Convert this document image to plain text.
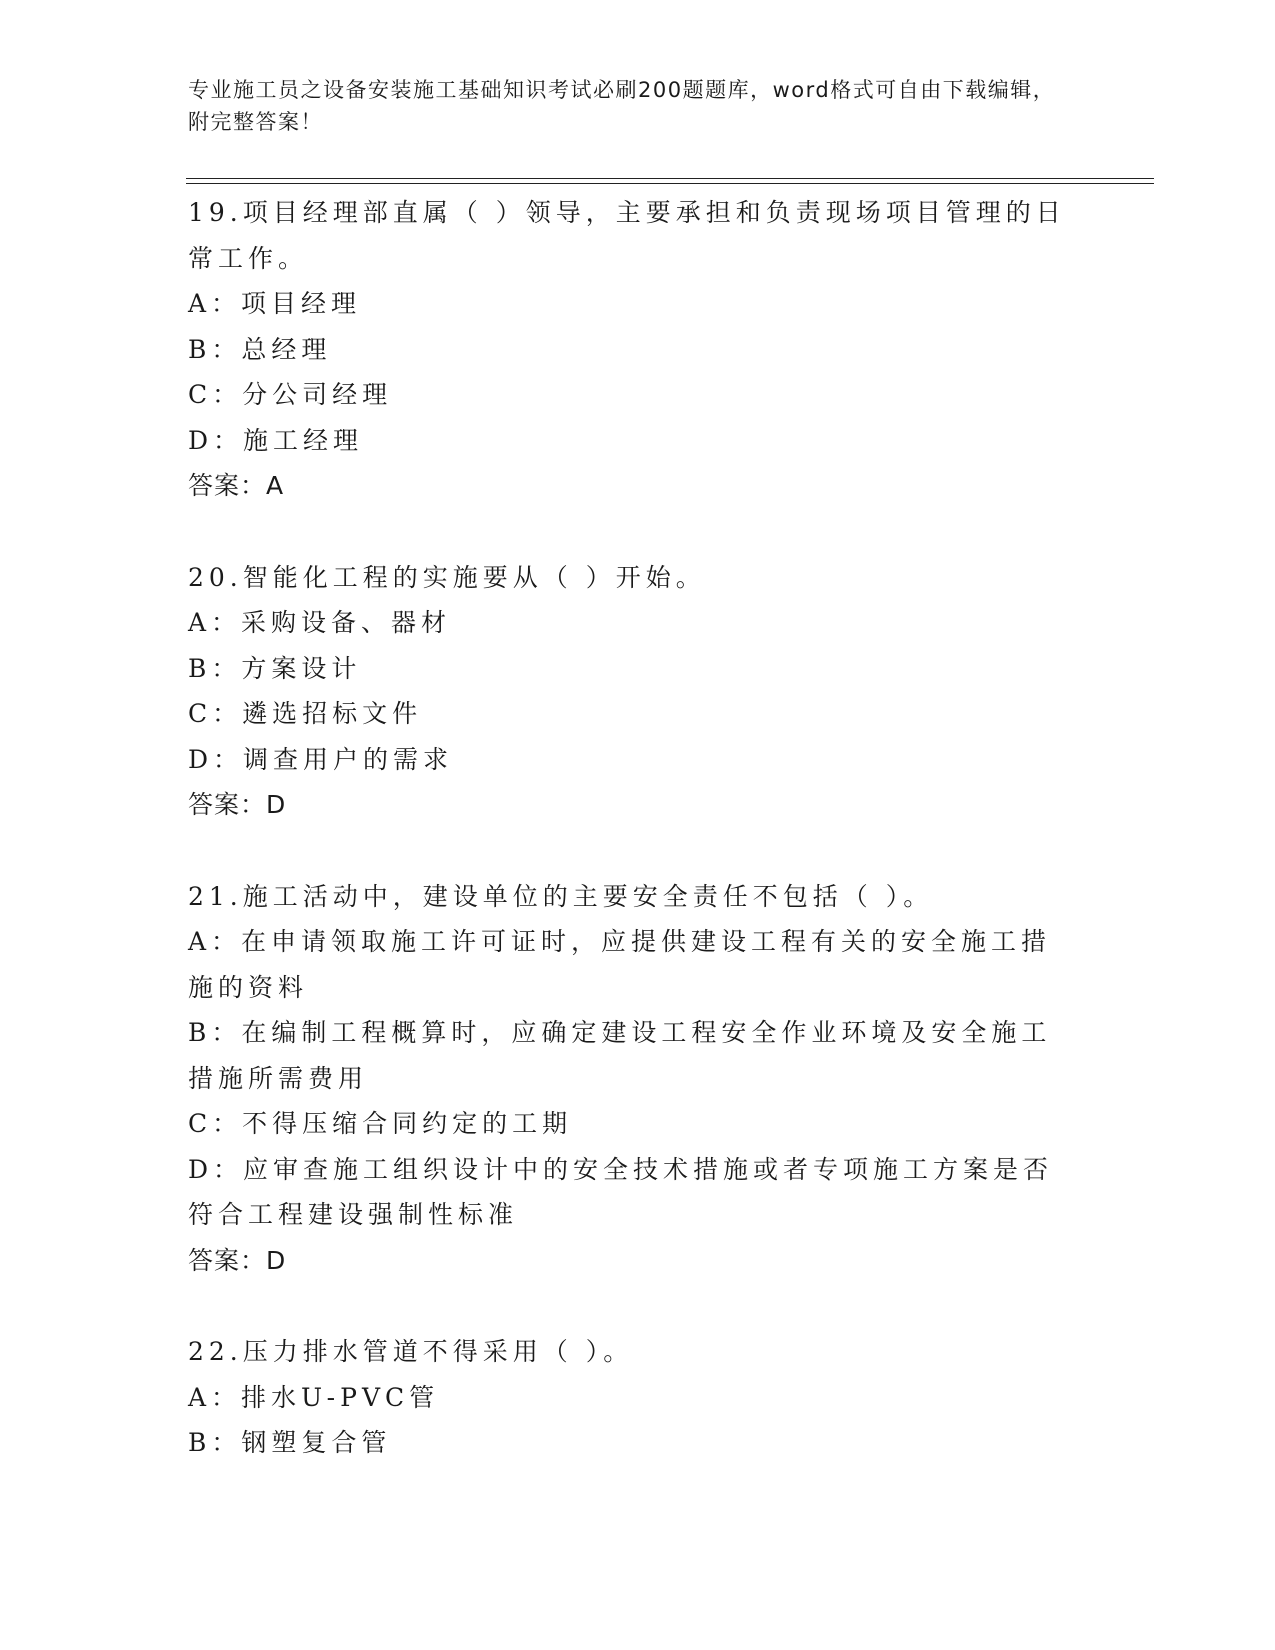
专业施工员之设备安装施工基础知识考试必刷200题题库，word格式可自由下载编辑，附完整答案！

19.项目经理部直属（ ）领导，主要承担和负责现场项目管理的日常工作。

A：项目经理

B：总经理

C：分公司经理

D：施工经理

答案：A

20.智能化工程的实施要从（ ）开始。

A：采购设备、器材

B：方案设计

C：遴选招标文件

D：调查用户的需求

答案：D

21.施工活动中，建设单位的主要安全责任不包括（ ）。

A：在申请领取施工许可证时，应提供建设工程有关的安全施工措施的资料

B：在编制工程概算时，应确定建设工程安全作业环境及安全施工措施所需费用

C：不得压缩合同约定的工期

D：应审查施工组织设计中的安全技术措施或者专项施工方案是否符合工程建设强制性标准

答案：D

22.压力排水管道不得采用（ ）。

A：排水U-PVC管

B：钢塑复合管
